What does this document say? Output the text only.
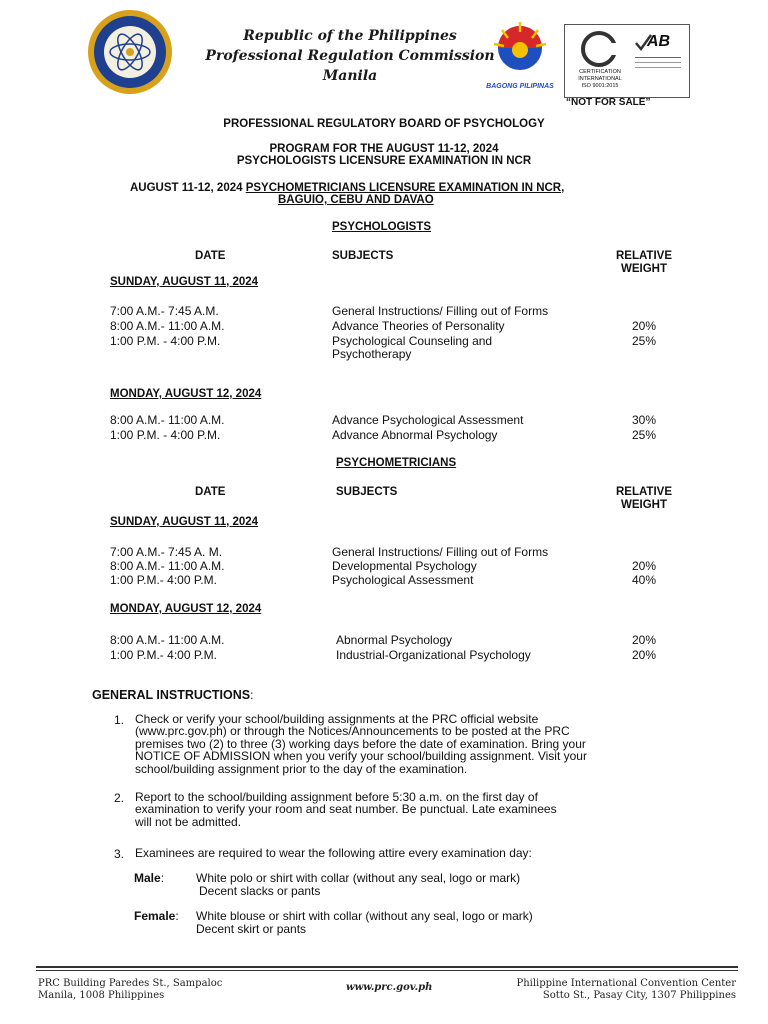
Republic of the Philippines
Professional Regulation Commission
Manila
BAGONG PILIPINAS
CERTIFICATION
INTERNATIONAL
ISO 9001:2015
AB
“NOT FOR SALE”
PROFESSIONAL REGULATORY BOARD OF PSYCHOLOGY
PROGRAM FOR THE AUGUST 11-12, 2024
PSYCHOLOGISTS LICENSURE EXAMINATION IN NCR
AUGUST 11-12, 2024 PSYCHOMETRICIANS LICENSURE EXAMINATION IN NCR,
BAGUIO, CEBU AND DAVAO
PSYCHOLOGISTS
DATE	SUBJECTS	RELATIVE
WEIGHT
SUNDAY, AUGUST 11, 2024
7:00 A.M.- 7:45 A.M.	General Instructions/ Filling out of Forms
8:00 A.M.- 11:00 A.M.	Advance Theories of Personality	20%
1:00 P.M. - 4:00 P.M.	Psychological Counseling and
Psychotherapy
25%
MONDAY, AUGUST 12, 2024
8:00 A.M.- 11:00 A.M.	Advance Psychological Assessment	30%
1:00 P.M. - 4:00 P.M.	Advance Abnormal Psychology	25%
PSYCHOMETRICIANS
DATE	SUBJECTS	RELATIVE
WEIGHT
SUNDAY, AUGUST 11, 2024
7:00 A.M.- 7:45 A. M.	General Instructions/ Filling out of Forms
8:00 A.M.- 11:00 A.M.	Developmental Psychology	20%
1:00 P.M.- 4:00 P.M.	Psychological Assessment	40%
MONDAY, AUGUST 12, 2024
8:00 A.M.- 11:00 A.M.	Abnormal Psychology	20%
1:00 P.M.- 4:00 P.M.	Industrial-Organizational Psychology	20%
GENERAL INSTRUCTIONS:
1. Check or verify your school/building assignments at the PRC official website
(www.prc.gov.ph) or through the Notices/Announcements to be posted at the PRC
premises two (2) to three (3) working days before the date of examination. Bring your
NOTICE OF ADMISSION when you verify your school/building assignment. Visit your
school/building assignment prior to the day of the examination.
2. Report to the school/building assignment before 5:30 a.m. on the first day of
examination to verify your room and seat number. Be punctual. Late examinees
will not be admitted.
3. Examinees are required to wear the following attire every examination day:
Male:	White polo or shirt with collar (without any seal, logo or mark)
Decent slacks or pants
Female: White blouse or shirt with collar (without any seal, logo or mark)
Decent skirt or pants
PRC Building Paredes St., Sampaloc
Manila, 1008 Philippines
www.prc.gov.ph	Philippine International Convention Center
Sotto St., Pasay City, 1307 Philippines
